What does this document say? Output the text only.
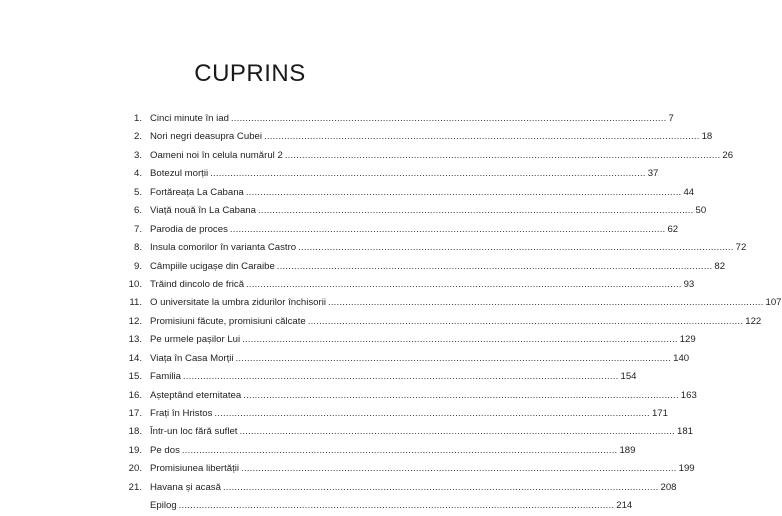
CUPRINS
1. Cinci minute în iad .....	7
2. Nori negri deasupra Cubei .....	18
3. Oameni noi în celula numărul 2 .....	26
4. Botezul morții .....	37
5. Fortăreața La Cabana .....	44
6. Viață nouă în La Cabana .....	50
7. Parodia de proces .....	62
8. Insula comorilor în varianta Castro .....	72
9. Câmpiile ucigașe din Caraibe .....	82
10. Trăind dincolo de frică .....	93
11. O universitate la umbra zidurilor închisorii .....	107
12. Promisiuni făcute, promisiuni călcate .....	122
13. Pe urmele pașilor Lui .....	129
14. Viața în Casa Morții .....	140
15. Familia .....	154
16. Așteptând eternitatea .....	163
17. Frați în Hristos .....	171
18. Într-un loc fără suflet .....	181
19. Pe dos .....	189
20. Promisiunea libertății .....	199
21. Havana și acasă .....	208
Epilog .....	214
